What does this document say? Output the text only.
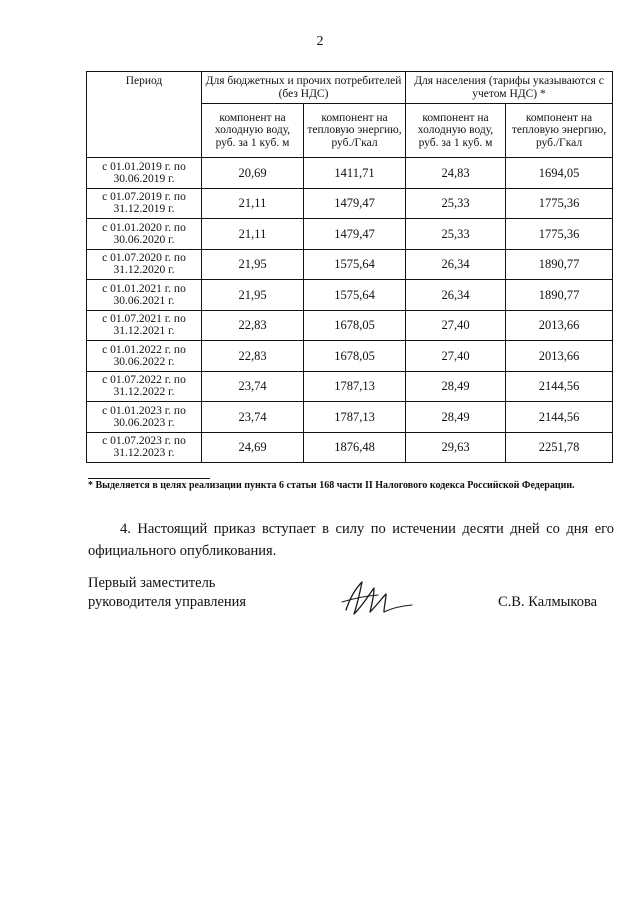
2
Период	Для бюджетных и прочих потребителей (без НДС)		Для населения (тарифы указываются с учетом НДС) *	
	компонент на холодную воду, руб. за 1 куб. м	компонент на тепловую энергию, руб./Гкал	компонент на холодную воду, руб. за 1 куб. м	компонент на тепловую энергию, руб./Гкал
с 01.01.2019 г. по 30.06.2019 г.	20,69	1411,71	24,83	1694,05
с 01.07.2019 г. по 31.12.2019 г.	21,11	1479,47	25,33	1775,36
с 01.01.2020 г. по 30.06.2020 г.	21,11	1479,47	25,33	1775,36
с 01.07.2020 г. по 31.12.2020 г.	21,95	1575,64	26,34	1890,77
с 01.01.2021 г. по 30.06.2021 г.	21,95	1575,64	26,34	1890,77
с 01.07.2021 г. по 31.12.2021 г.	22,83	1678,05	27,40	2013,66
с 01.01.2022 г. по 30.06.2022 г.	22,83	1678,05	27,40	2013,66
с 01.07.2022 г. по 31.12.2022 г.	23,74	1787,13	28,49	2144,56
с 01.01.2023 г. по 30.06.2023 г.	23,74	1787,13	28,49	2144,56
с 01.07.2023 г. по 31.12.2023 г.	24,69	1876,48	29,63	2251,78
* Выделяется в целях реализации пункта 6 статьи 168 части II Налогового кодекса Российской Федерации.
4. Настоящий приказ вступает в силу по истечении десяти дней со дня его официального опубликования.
Первый заместитель
руководителя управления	С.В. Калмыкова
